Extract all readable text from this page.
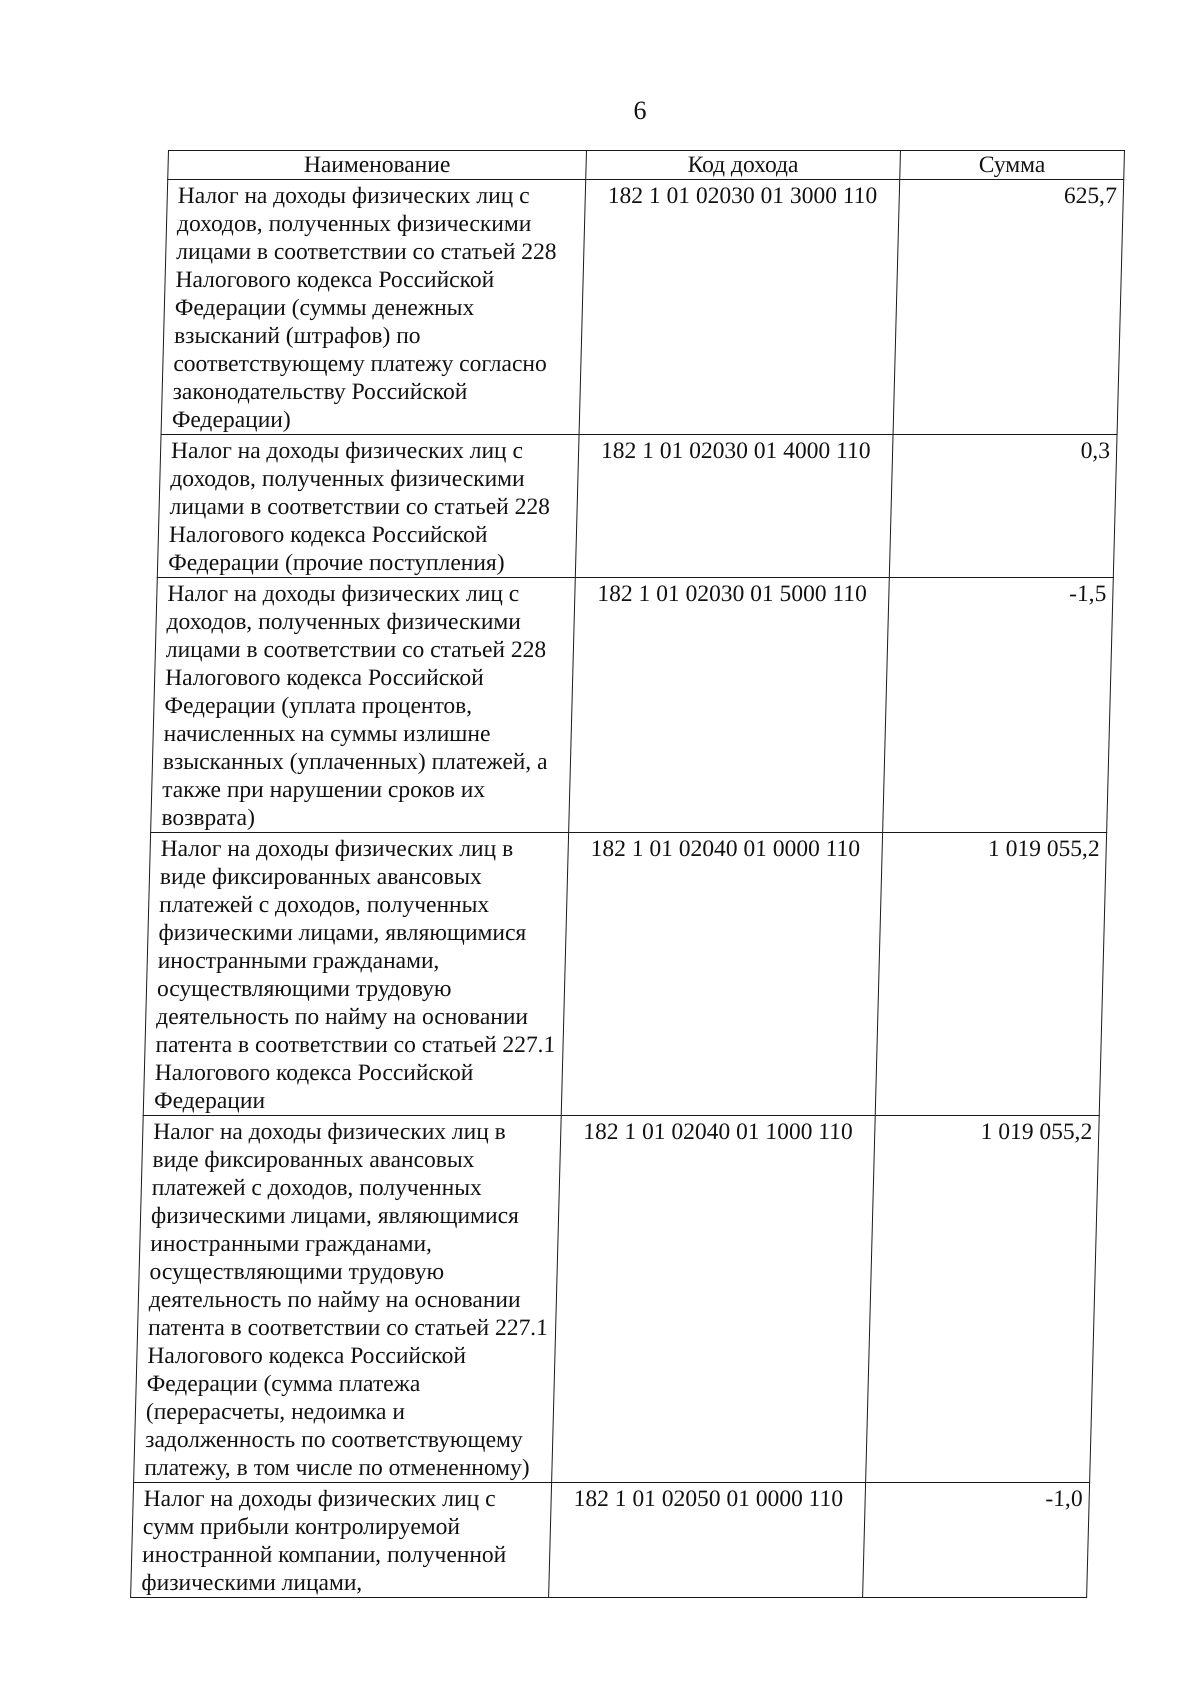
6
Наименование	Код дохода	Сумма
Налог на доходы физических лиц с доходов, полученных физическими лицами в соответствии со статьей 228 Налогового кодекса Российской Федерации (суммы денежных взысканий (штрафов) по соответствующему платежу согласно законодательству Российской Федерации)	182 1 01 02030 01 3000 110	625,7
Налог на доходы физических лиц с доходов, полученных физическими лицами в соответствии со статьей 228 Налогового кодекса Российской Федерации (прочие поступления)	182 1 01 02030 01 4000 110	0,3
Налог на доходы физических лиц с доходов, полученных физическими лицами в соответствии со статьей 228 Налогового кодекса Российской Федерации (уплата процентов, начисленных на суммы излишне взысканных (уплаченных) платежей, а также при нарушении сроков их возврата)	182 1 01 02030 01 5000 110	-1,5
Налог на доходы физических лиц в виде фиксированных авансовых платежей с доходов, полученных физическими лицами, являющимися иностранными гражданами, осуществляющими трудовую деятельность по найму на основании патента в соответствии со статьей 227.1 Налогового кодекса Российской Федерации	182 1 01 02040 01 0000 110	1 019 055,2
Налог на доходы физических лиц в виде фиксированных авансовых платежей с доходов, полученных физическими лицами, являющимися иностранными гражданами, осуществляющими трудовую деятельность по найму на основании патента в соответствии со статьей 227.1 Налогового кодекса Российской Федерации (сумма платежа (перерасчеты, недоимка и задолженность по соответствующему платежу, в том числе по отмененному)	182 1 01 02040 01 1000 110	1 019 055,2
Налог на доходы физических лиц с сумм прибыли контролируемой иностранной компании, полученной физическими лицами,	182 1 01 02050 01 0000 110	-1,0
